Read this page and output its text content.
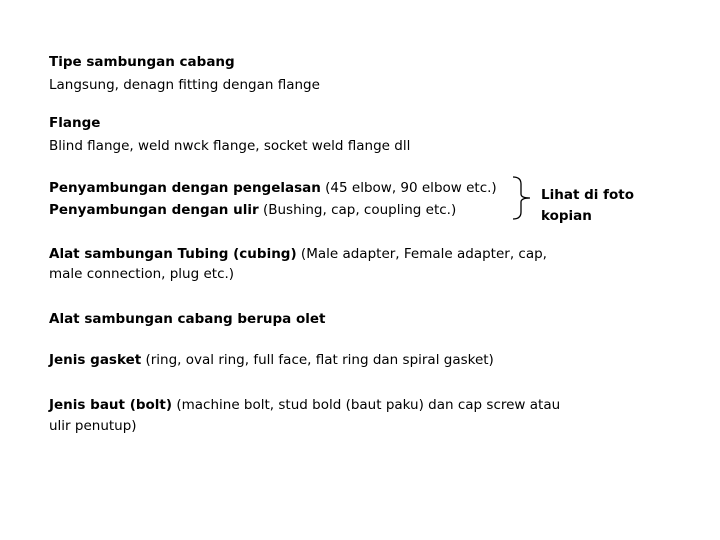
Tipe sambungan cabang
Langsung, denagn fitting dengan flange
Flange
Blind flange, weld nwck flange, socket weld flange dll
Penyambungan dengan pengelasan (45 elbow, 90 elbow etc.)
Penyambungan dengan ulir (Bushing, cap, coupling etc.)
Lihat di foto
kopian
Alat sambungan Tubing (cubing) (Male adapter, Female adapter, cap,
male connection, plug etc.)
Alat sambungan cabang berupa olet
Jenis gasket (ring, oval ring, full face, flat ring dan spiral gasket)
Jenis baut (bolt) (machine bolt, stud bold (baut paku) dan cap screw atau
ulir penutup)
